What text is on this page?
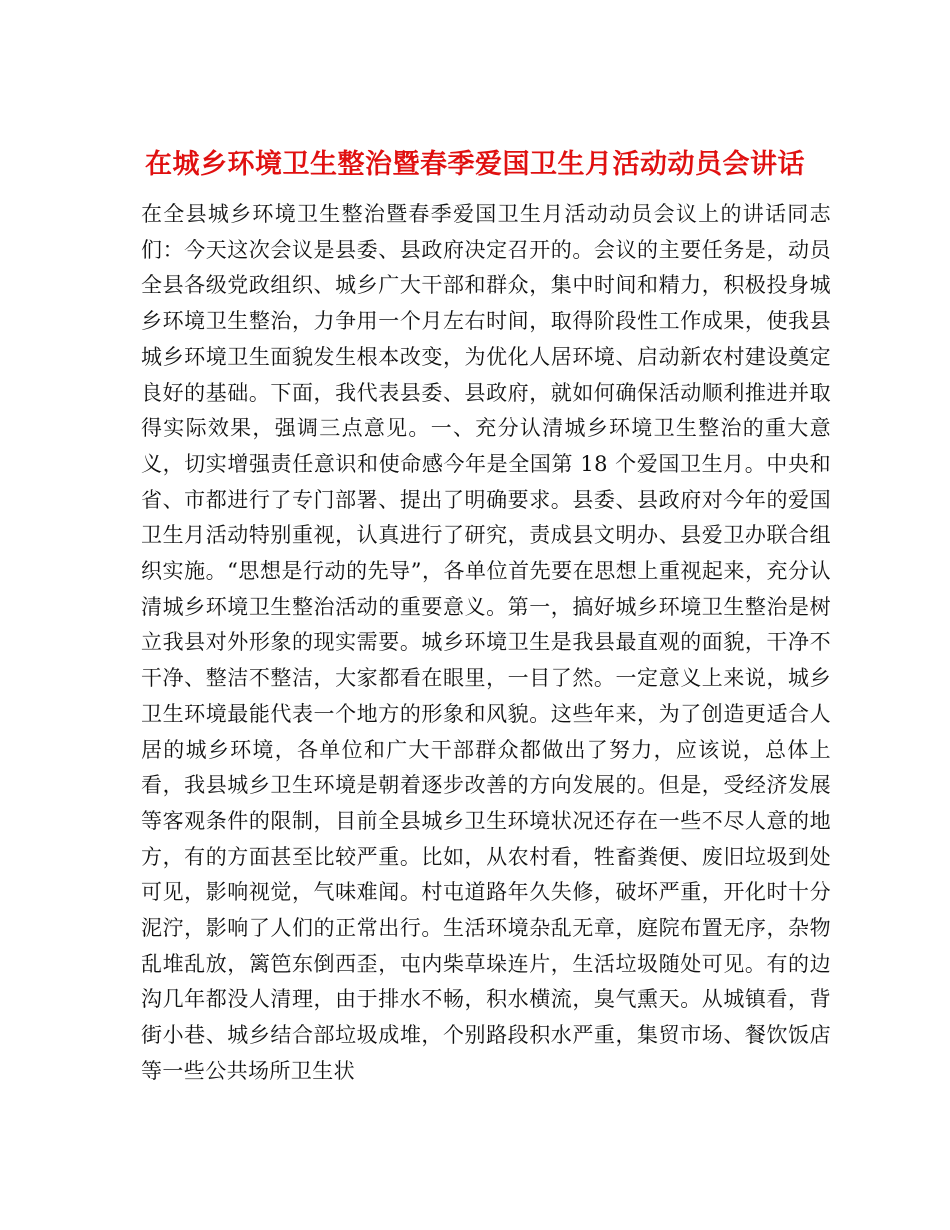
在城乡环境卫生整治暨春季爱国卫生月活动动员会讲话

在全县城乡环境卫生整治暨春季爱国卫生月活动动员会议上的讲话同志们：今天这次会议是县委、县政府决定召开的。会议的主要任务是，动员全县各级党政组织、城乡广大干部和群众，集中时间和精力，积极投身城乡环境卫生整治，力争用一个月左右时间，取得阶段性工作成果，使我县城乡环境卫生面貌发生根本改变，为优化人居环境、启动新农村建设奠定良好的基础。下面，我代表县委、县政府，就如何确保活动顺利推进并取得实际效果，强调三点意见。一、充分认清城乡环境卫生整治的重大意义，切实增强责任意识和使命感今年是全国第 18 个爱国卫生月。中央和省、市都进行了专门部署、提出了明确要求。县委、县政府对今年的爱国卫生月活动特别重视，认真进行了研究，责成县文明办、县爱卫办联合组织实施。“思想是行动的先导”，各单位首先要在思想上重视起来，充分认清城乡环境卫生整治活动的重要意义。第一，搞好城乡环境卫生整治是树立我县对外形象的现实需要。城乡环境卫生是我县最直观的面貌，干净不干净、整洁不整洁，大家都看在眼里，一目了然。一定意义上来说，城乡卫生环境最能代表一个地方的形象和风貌。这些年来，为了创造更适合人居的城乡环境，各单位和广大干部群众都做出了努力，应该说，总体上看，我县城乡卫生环境是朝着逐步改善的方向发展的。但是，受经济发展等客观条件的限制，目前全县城乡卫生环境状况还存在一些不尽人意的地方，有的方面甚至比较严重。比如，从农村看，牲畜粪便、废旧垃圾到处可见，影响视觉，气味难闻。村屯道路年久失修，破坏严重，开化时十分泥泞，影响了人们的正常出行。生活环境杂乱无章，庭院布置无序，杂物乱堆乱放，篱笆东倒西歪，屯内柴草垛连片，生活垃圾随处可见。有的边沟几年都没人清理，由于排水不畅，积水横流，臭气熏天。从城镇看，背街小巷、城乡结合部垃圾成堆，个别路段积水严重，集贸市场、餐饮饭店等一些公共场所卫生状
